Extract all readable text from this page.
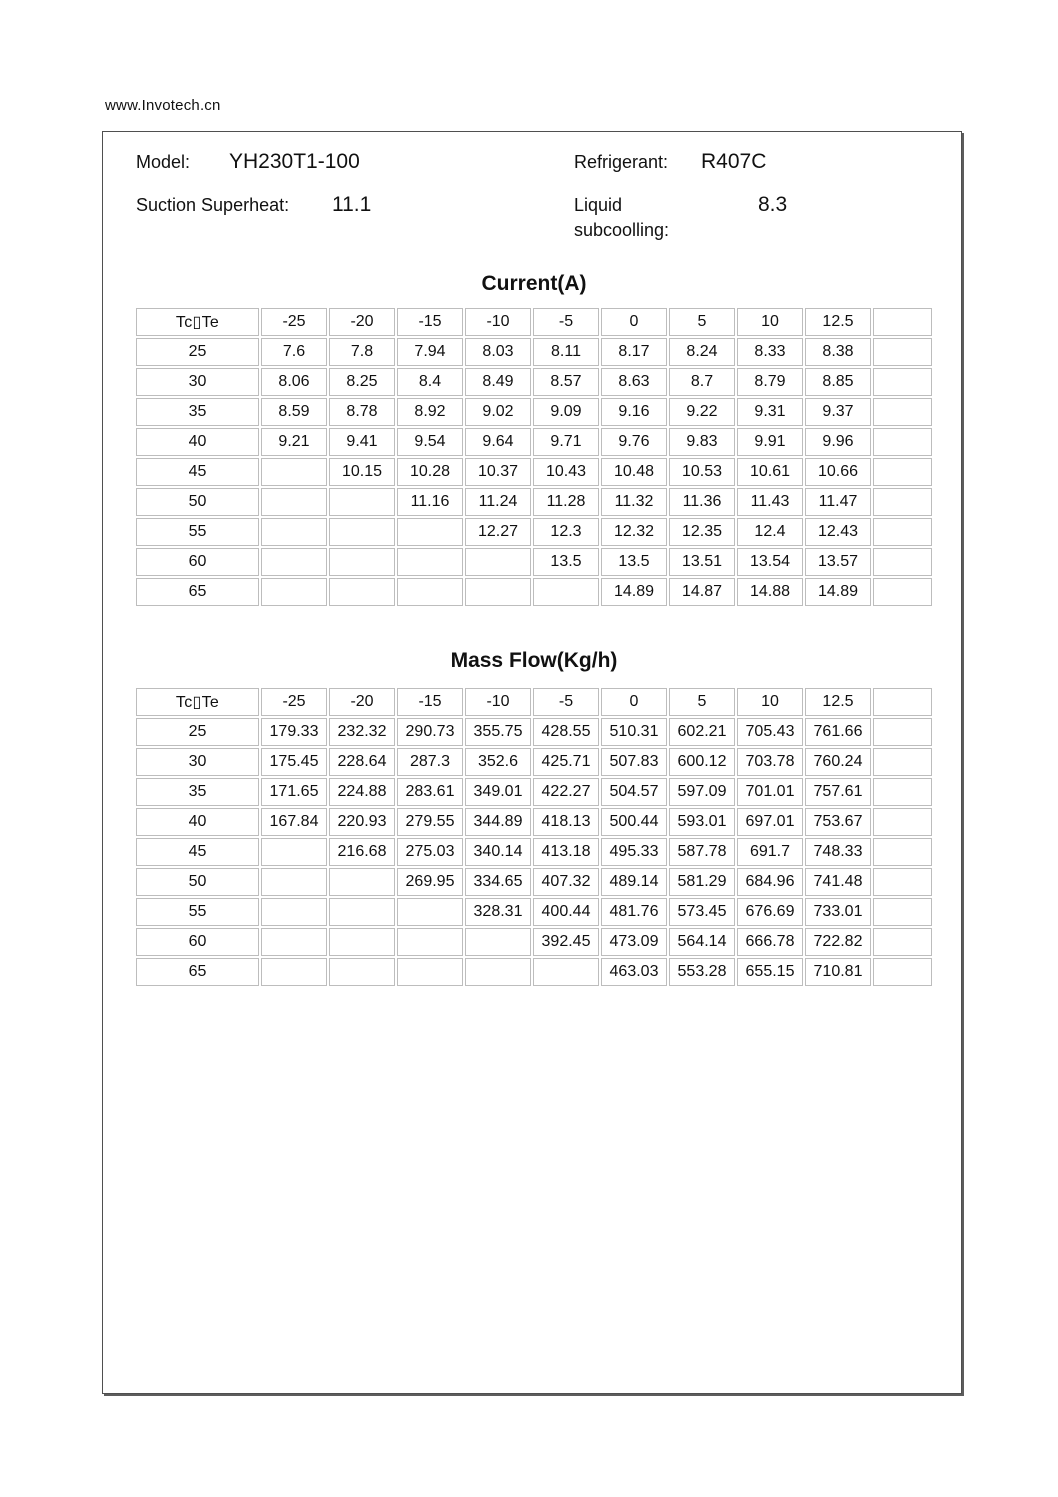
www.Invotech.cn
Model: YH230T1-100	Refrigerant: R407C
Suction Superheat: 11.1	Liquid subcoolling:
8.3
Current(A)
Tc▯Te	-25	-20	-15	-10	-5	0	5	10	12.5	
25	7.6	7.8	7.94	8.03	8.11	8.17	8.24	8.33	8.38	
30	8.06	8.25	8.4	8.49	8.57	8.63	8.7	8.79	8.85	
35	8.59	8.78	8.92	9.02	9.09	9.16	9.22	9.31	9.37	
40	9.21	9.41	9.54	9.64	9.71	9.76	9.83	9.91	9.96	
45		10.15	10.28	10.37	10.43	10.48	10.53	10.61	10.66	
50			11.16	11.24	11.28	11.32	11.36	11.43	11.47	
55				12.27	12.3	12.32	12.35	12.4	12.43	
60					13.5	13.5	13.51	13.54	13.57	
65						14.89	14.87	14.88	14.89	
Mass Flow(Kg/h)
Tc▯Te	-25	-20	-15	-10	-5	0	5	10	12.5	
25	179.33	232.32	290.73	355.75	428.55	510.31	602.21	705.43	761.66	
30	175.45	228.64	287.3	352.6	425.71	507.83	600.12	703.78	760.24	
35	171.65	224.88	283.61	349.01	422.27	504.57	597.09	701.01	757.61	
40	167.84	220.93	279.55	344.89	418.13	500.44	593.01	697.01	753.67	
45		216.68	275.03	340.14	413.18	495.33	587.78	691.7	748.33	
50			269.95	334.65	407.32	489.14	581.29	684.96	741.48	
55				328.31	400.44	481.76	573.45	676.69	733.01	
60					392.45	473.09	564.14	666.78	722.82	
65						463.03	553.28	655.15	710.81	
